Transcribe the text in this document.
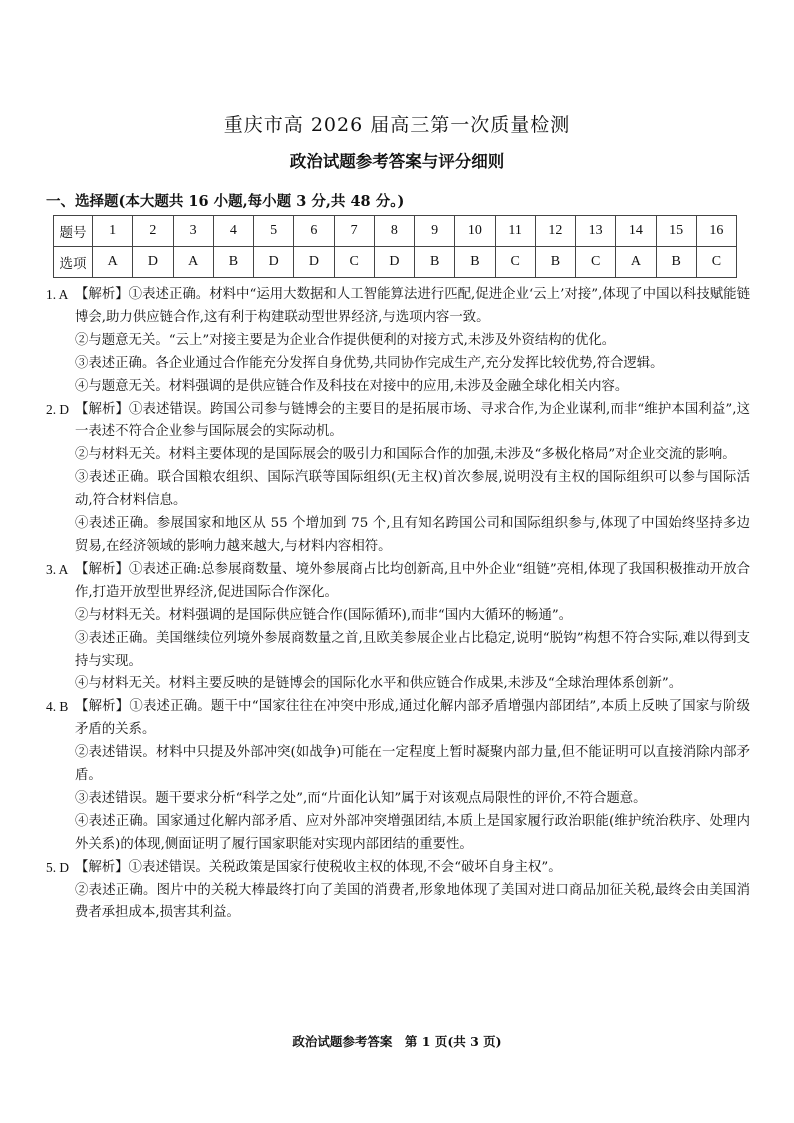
重庆市高 2026 届高三第一次质量检测
政治试题参考答案与评分细则
一、选择题(本大题共 16 小题,每小题 3 分,共 48 分。)
题号	1	2	3	4	5	6	7	8	9	10	11	12	13	14	15	16
选项	A	D	A	B	D	D	C	D	B	B	C	B	C	A	B	C
1. A 【解析】①表述正确。材料中“运用大数据和人工智能算法进行匹配,促进企业‘云上’对接”,体现了中国以科技赋能链博会,助力供应链合作,这有利于构建联动型世界经济,与选项内容一致。

②与题意无关。“云上”对接主要是为企业合作提供便利的对接方式,未涉及外资结构的优化。

③表述正确。各企业通过合作能充分发挥自身优势,共同协作完成生产,充分发挥比较优势,符合逻辑。

④与题意无关。材料强调的是供应链合作及科技在对接中的应用,未涉及金融全球化相关内容。

2. D 【解析】①表述错误。跨国公司参与链博会的主要目的是拓展市场、寻求合作,为企业谋利,而非“维护本国利益”,这一表述不符合企业参与国际展会的实际动机。

②与材料无关。材料主要体现的是国际展会的吸引力和国际合作的加强,未涉及“多极化格局”对企业交流的影响。

③表述正确。联合国粮农组织、国际汽联等国际组织(无主权)首次参展,说明没有主权的国际组织可以参与国际活动,符合材料信息。

④表述正确。参展国家和地区从 55 个增加到 75 个,且有知名跨国公司和国际组织参与,体现了中国始终坚持多边贸易,在经济领域的影响力越来越大,与材料内容相符。

3. A 【解析】①表述正确:总参展商数量、境外参展商占比均创新高,且中外企业“组链”亮相,体现了我国积极推动开放合作,打造开放型世界经济,促进国际合作深化。

②与材料无关。材料强调的是国际供应链合作(国际循环),而非“国内大循环的畅通”。

③表述正确。美国继续位列境外参展商数量之首,且欧美参展企业占比稳定,说明“脱钩”构想不符合实际,难以得到支持与实现。

④与材料无关。材料主要反映的是链博会的国际化水平和供应链合作成果,未涉及“全球治理体系创新”。

4. B 【解析】①表述正确。题干中“国家往往在冲突中形成,通过化解内部矛盾增强内部团结”,本质上反映了国家与阶级矛盾的关系。

②表述错误。材料中只提及外部冲突(如战争)可能在一定程度上暂时凝聚内部力量,但不能证明可以直接消除内部矛盾。

③表述错误。题干要求分析“科学之处”,而“片面化认知”属于对该观点局限性的评价,不符合题意。

④表述正确。国家通过化解内部矛盾、应对外部冲突增强团结,本质上是国家履行政治职能(维护统治秩序、处理内外关系)的体现,侧面证明了履行国家职能对实现内部团结的重要性。

5. D 【解析】①表述错误。关税政策是国家行使税收主权的体现,不会“破坏自身主权”。

②表述正确。图片中的关税大棒最终打向了美国的消费者,形象地体现了美国对进口商品加征关税,最终会由美国消费者承担成本,损害其利益。

政治试题参考答案　第 1 页(共 3 页)
